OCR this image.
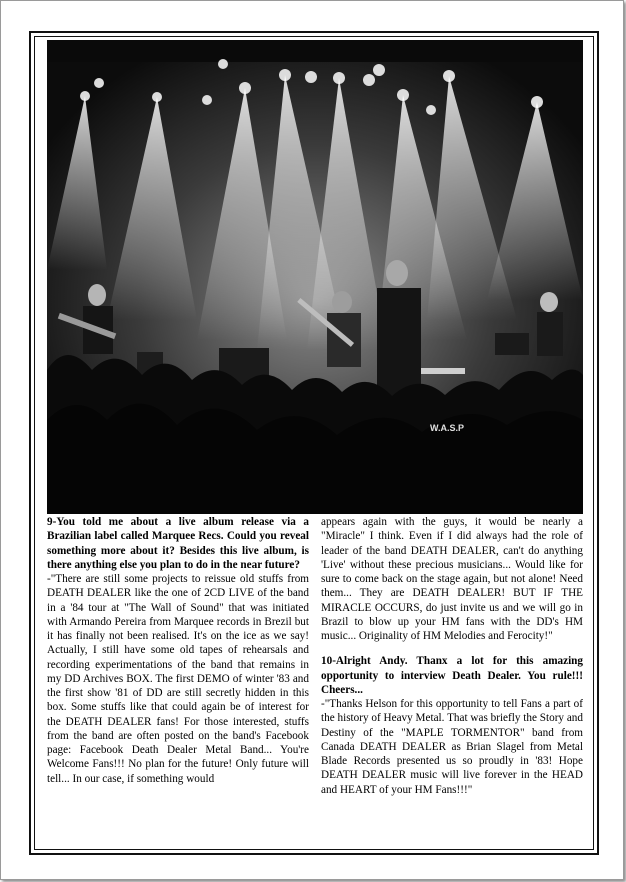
W.A.S.P

9-You told me about a live album release via a Brazilian label called Marquee Recs. Could you reveal something more about it? Besides this live album, is there anything else you plan to do in the near future?

-"There are still some projects to reissue old stuffs from DEATH DEALER like the one of 2CD LIVE of the band in a '84 tour at "The Wall of Sound" that was initiated with Armando Pereira from Marquee records in Brezil but it has finally not been realised. It's on the ice as we say! Actually, I still have some old tapes of rehearsals and recording experimentations of the band that remains in my DD Archives BOX. The first DEMO of winter '83 and the first show '81 of DD are still secretly hidden in this box. Some stuffs like that could again be of interest for the DEATH DEALER fans! For those interested, stuffs from the band are often posted on the band's Facebook page: Facebook Death Dealer Metal Band... You're Welcome Fans!!! No plan for the future! Only future will tell... In our case, if something would

appears again with the guys, it would be nearly a "Miracle" I think. Even if I did always had the role of leader of the band DEATH DEALER, can't do anything 'Live' without these precious musicians... Would like for sure to come back on the stage again, but not alone! Need them... They are DEATH DEALER! BUT IF THE MIRACLE OCCURS, do just invite us and we will go in Brazil to blow up your HM fans with the DD's HM music... Originality of HM Melodies and Ferocity!"

10-Alright Andy. Thanx a lot for this amazing opportunity to interview Death Dealer. You rule!!! Cheers...

-"Thanks Helson for this opportunity to tell Fans a part of the history of Heavy Metal. That was briefly the Story and Destiny of the "MAPLE TORMENTOR" band from Canada DEATH DEALER as Brian Slagel from Metal Blade Records presented us so proudly in '83! Hope DEATH DEALER music will live forever in the HEAD and HEART of your HM Fans!!!"
